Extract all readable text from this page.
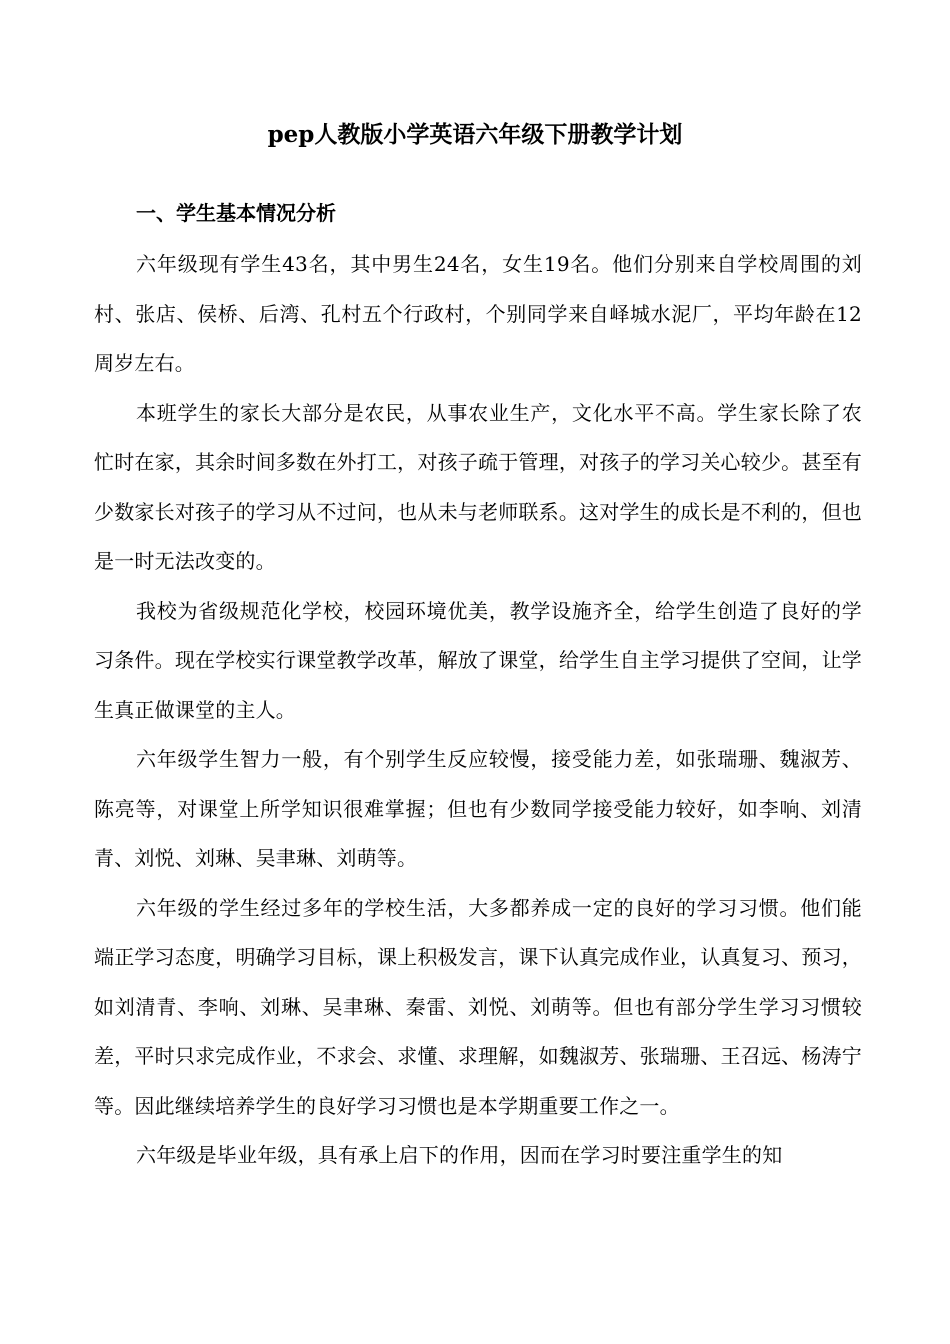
pep人教版小学英语六年级下册教学计划
一、学生基本情况分析

六年级现有学生43名，其中男生24名，女生19名。他们分别来自学校周围的刘村、张店、侯桥、后湾、孔村五个行政村，个别同学来自峄城水泥厂，平均年龄在12周岁左右。

本班学生的家长大部分是农民，从事农业生产，文化水平不高。学生家长除了农忙时在家，其余时间多数在外打工，对孩子疏于管理，对孩子的学习关心较少。甚至有少数家长对孩子的学习从不过问，也从未与老师联系。这对学生的成长是不利的，但也是一时无法改变的。

我校为省级规范化学校，校园环境优美，教学设施齐全，给学生创造了良好的学习条件。现在学校实行课堂教学改革，解放了课堂，给学生自主学习提供了空间，让学生真正做课堂的主人。

六年级学生智力一般，有个别学生反应较慢，接受能力差，如张瑞珊、魏淑芳、陈亮等，对课堂上所学知识很难掌握；但也有少数同学接受能力较好，如李响、刘清青、刘悦、刘琳、吴聿琳、刘萌等。

六年级的学生经过多年的学校生活，大多都养成一定的良好的学习习惯。他们能端正学习态度，明确学习目标，课上积极发言，课下认真完成作业，认真复习、预习，如刘清青、李响、刘琳、吴聿琳、秦雷、刘悦、刘萌等。但也有部分学生学习习惯较差，平时只求完成作业，不求会、求懂、求理解，如魏淑芳、张瑞珊、王召远、杨涛宁等。因此继续培养学生的良好学习习惯也是本学期重要工作之一。

六年级是毕业年级，具有承上启下的作用，因而在学习时要注重学生的知
